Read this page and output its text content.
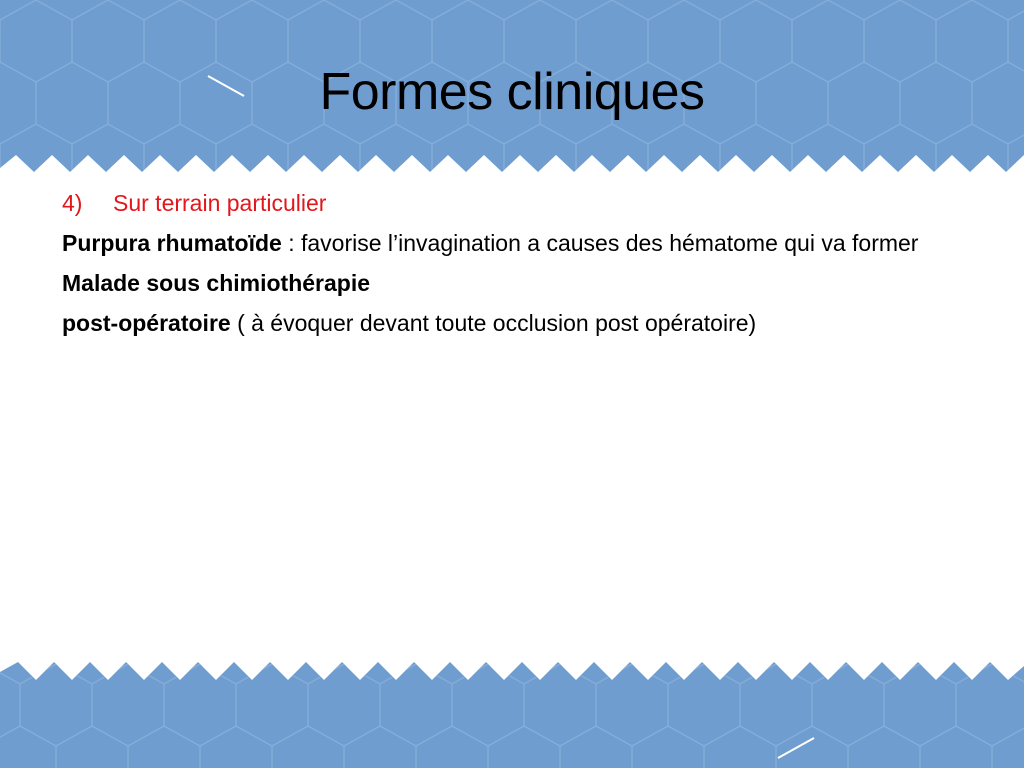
Formes cliniques

4) Sur terrain particulier

Purpura rhumatoïde : favorise l’invagination a causes des hématome qui va former

Malade sous chimiothérapie

post-opératoire ( à évoquer devant toute occlusion post opératoire)
